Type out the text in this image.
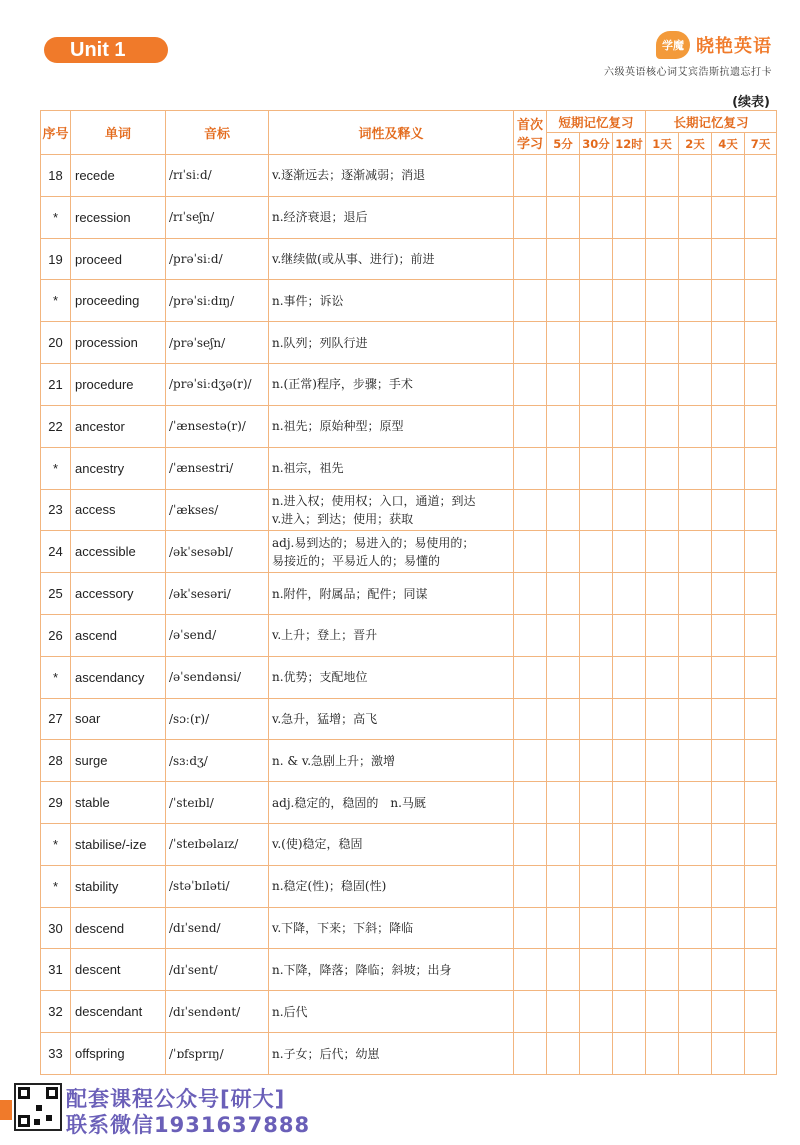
Unit 1	学魔 晓艳英语
六级英语核心词艾宾浩斯抗遗忘打卡
(续表)
序号	单词	音标	词性及释义	首次学习	短期记忆复习			长期记忆复习			
					5分	30分	12时	1天	2天	4天	7天
18	recede	/rɪˈsiːd/	v.逐渐远去；逐渐减弱；消退								

*	recession	/rɪˈseʃn/	n.经济衰退；退后								

19	proceed	/prəˈsiːd/	v.继续做(或从事、进行)；前进								

*	proceeding	/prəˈsiːdɪŋ/	n.事件；诉讼								

20	procession	/prəˈseʃn/	n.队列；列队行进								

21	procedure	/prəˈsiːdʒə(r)/	n.(正常)程序，步骤；手术								

22	ancestor	/ˈænsestə(r)/	n.祖先；原始种型；原型								

*	ancestry	/ˈænsestri/	n.祖宗，祖先								

23	access	/ˈækses/	n.进入权；使用权；入口，通道；到达
v.进入；到达；使用；获取								

24	accessible	/əkˈsesəbl/	adj.易到达的；易进入的；易使用的；
易接近的；平易近人的；易懂的								

25	accessory	/əkˈsesəri/	n.附件，附属品；配件；同谋								

26	ascend	/əˈsend/	v.上升；登上；晋升								

*	ascendancy	/əˈsendənsi/	n.优势；支配地位								

27	soar	/sɔː(r)/	v.急升，猛增；高飞								

28	surge	/sɜːdʒ/	n. & v.急剧上升；激增								

29	stable	/ˈsteɪbl/	adj.稳定的，稳固的　n.马厩								

*	stabilise/-ize	/ˈsteɪbəlaɪz/	v.(使)稳定，稳固								

*	stability	/stəˈbɪləti/	n.稳定(性)；稳固(性)								

30	descend	/dɪˈsend/	v.下降，下来；下斜；降临								

31	descent	/dɪˈsent/	n.下降，降落；降临；斜坡；出身								

32	descendant	/dɪˈsendənt/	n.后代								

33	offspring	/ˈɒfsprɪŋ/	n.子女；后代；幼崽								

配套课程公众号[研大]
联系微信1931637888
